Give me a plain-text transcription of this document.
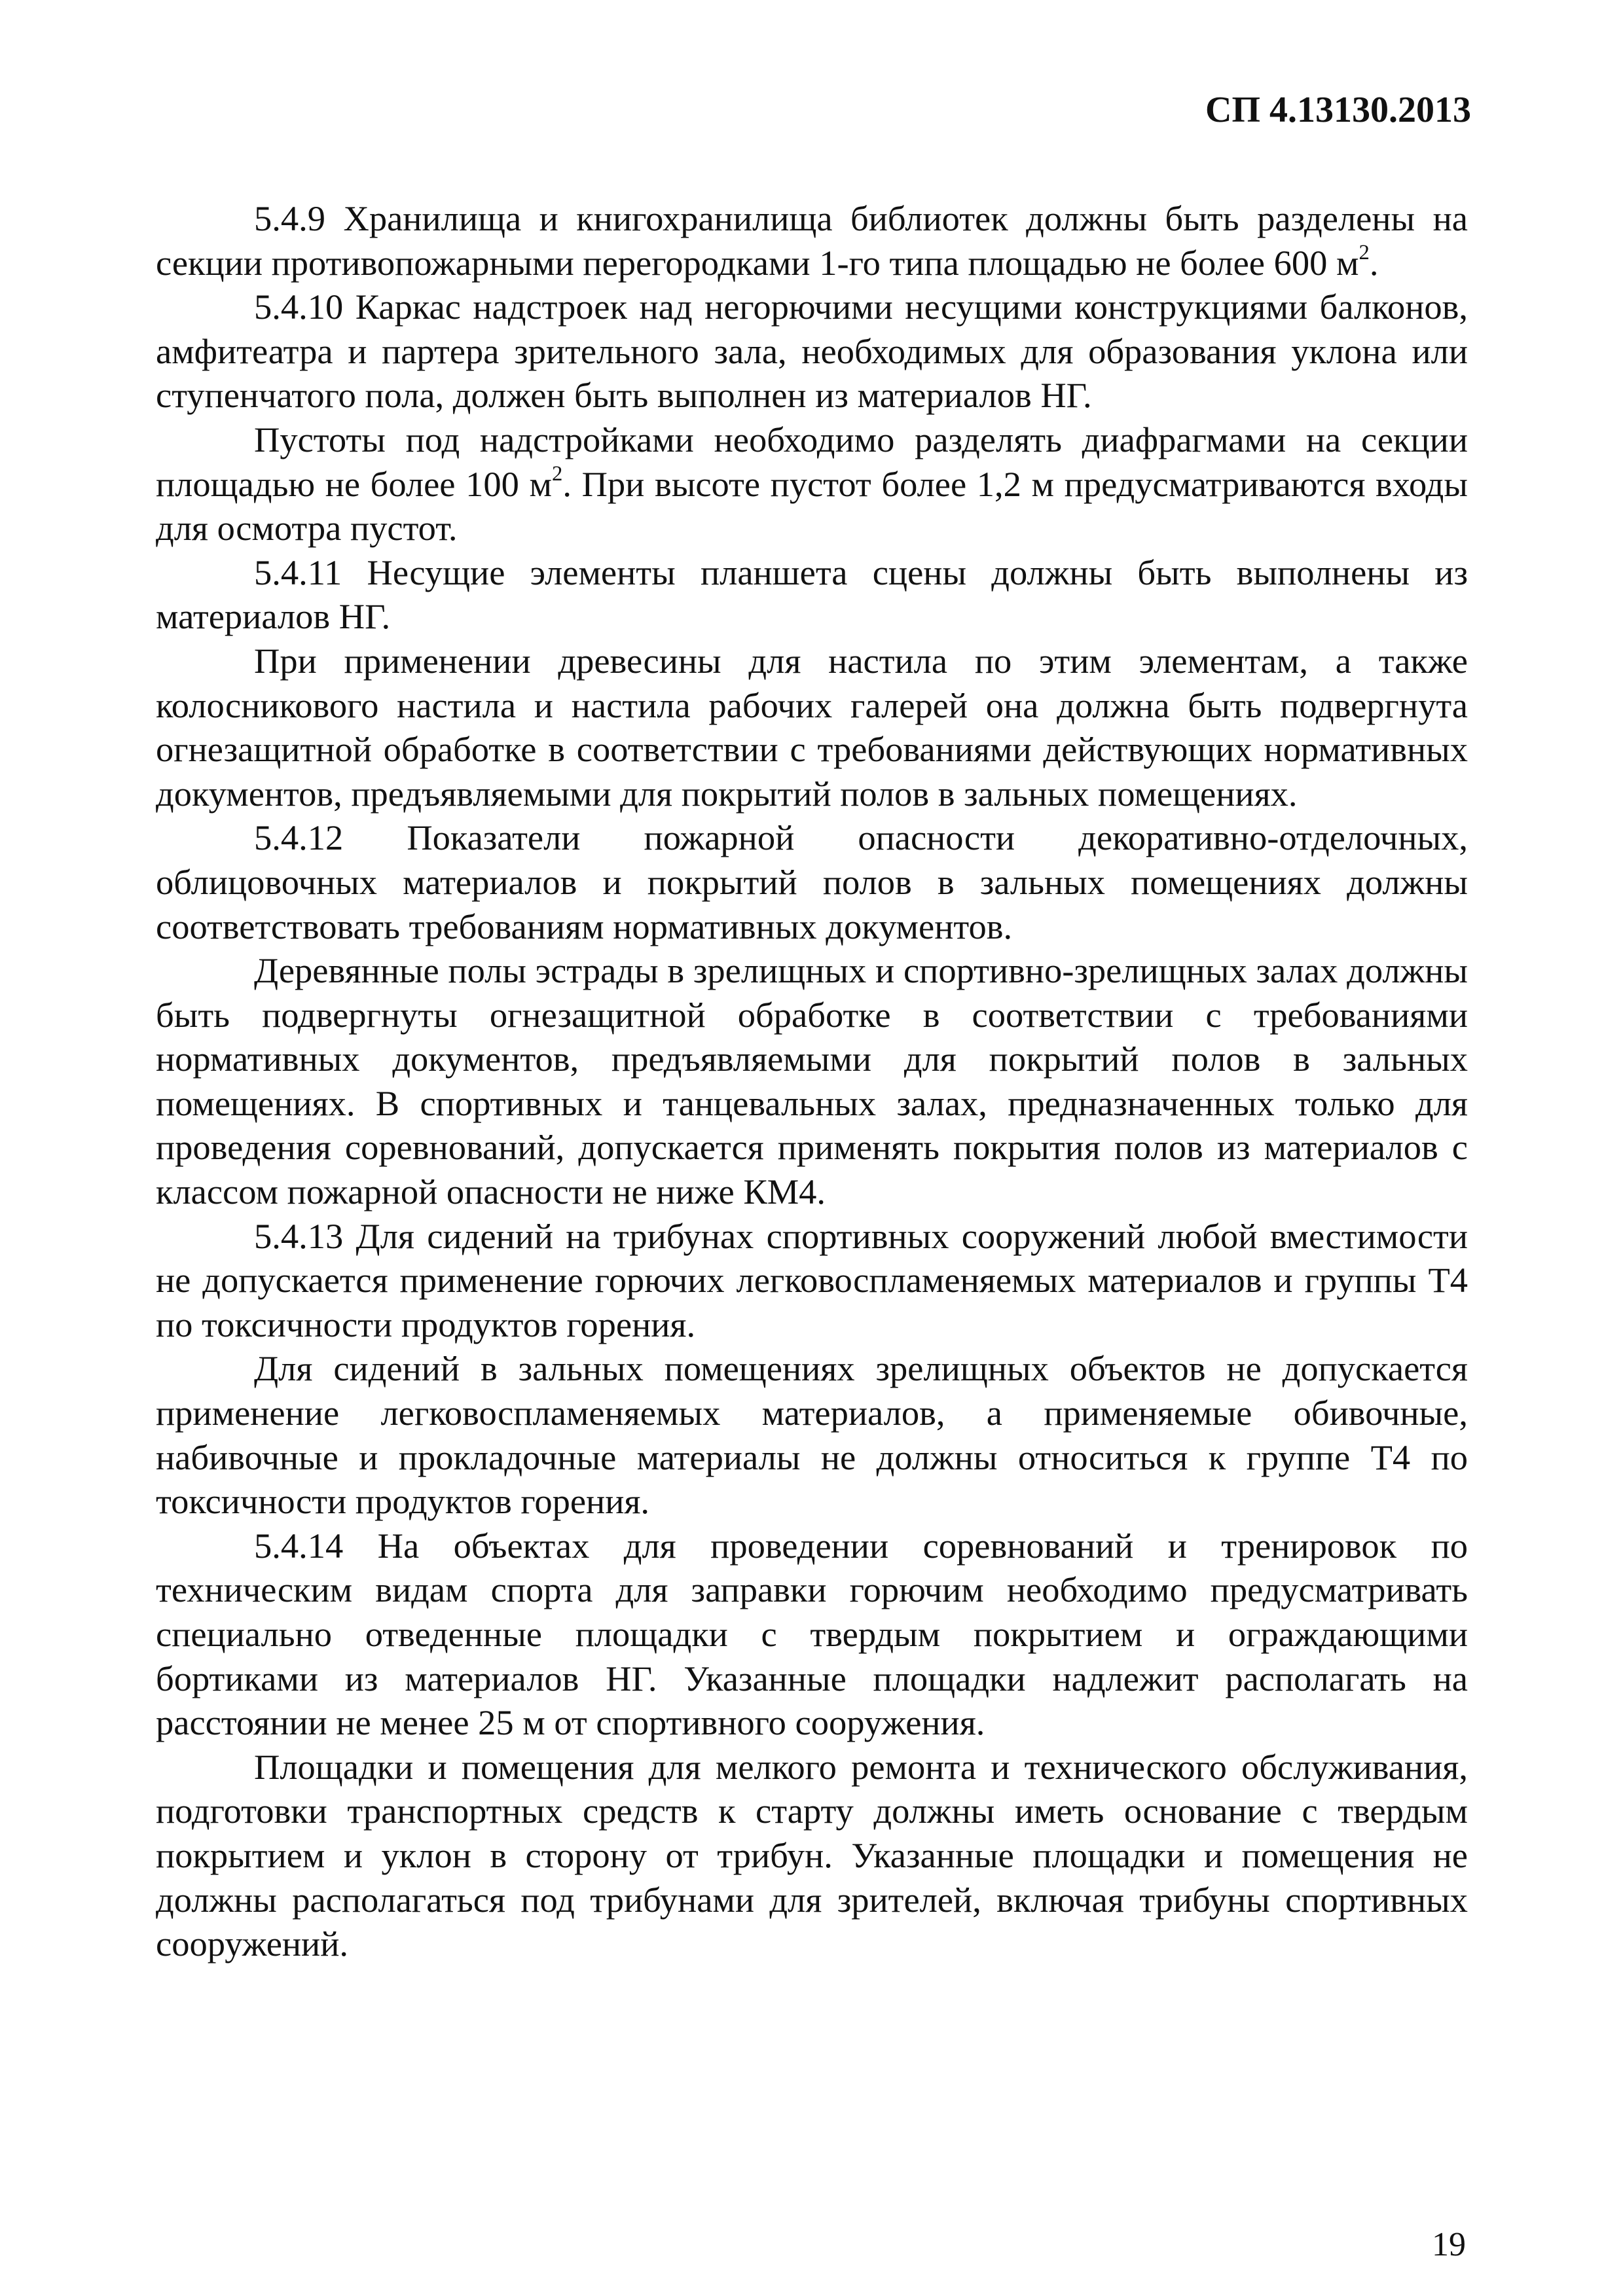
СП 4.13130.2013

5.4.9 Хранилища и книгохранилища библиотек должны быть разделены на секции противопожарными перегородками 1-го типа площадью не более 600 $м^2$.

5.4.10 Каркас надстроек над негорючими несущими конструкциями балконов, амфитеатра и партера зрительного зала, необходимых для образования уклона или ступенчатого пола, должен быть выполнен из материалов НГ.

Пустоты под надстройками необходимо разделять диафрагмами на секции площадью не более 100 $м^2$. При высоте пустот более 1,2 м предусматриваются входы для осмотра пустот.

5.4.11 Несущие элементы планшета сцены должны быть выполнены из материалов НГ.

При применении древесины для настила по этим элементам, а также колосникового настила и настила рабочих галерей она должна быть подвергнута огнезащитной обработке в соответствии с требованиями действующих нормативных документов, предъявляемыми для покрытий полов в зальных помещениях.

5.4.12 Показатели пожарной опасности декоративно-отделочных, облицовочных материалов и покрытий полов в зальных помещениях должны соответствовать требованиям нормативных документов.

Деревянные полы эстрады в зрелищных и спортивно-зрелищных залах должны быть подвергнуты огнезащитной обработке в соответствии с требованиями нормативных документов, предъявляемыми для покрытий полов в зальных помещениях. В спортивных и танцевальных залах, предназначенных только для проведения соревнований, допускается применять покрытия полов из материалов с классом пожарной опасности не ниже КМ4.

5.4.13 Для сидений на трибунах спортивных сооружений любой вместимости не допускается применение горючих легковоспламеняемых материалов и группы Т4 по токсичности продуктов горения.

Для сидений в зальных помещениях зрелищных объектов не допускается применение легковоспламеняемых материалов, а применяемые обивочные, набивочные и прокладочные материалы не должны относиться к группе Т4 по токсичности продуктов горения.

5.4.14 На объектах для проведении соревнований и тренировок по техническим видам спорта для заправки горючим необходимо предусматривать специально отведенные площадки с твердым покрытием и ограждающими бортиками из материалов НГ. Указанные площадки надлежит располагать на расстоянии не менее 25 м от спортивного сооружения.

Площадки и помещения для мелкого ремонта и технического обслуживания, подготовки транспортных средств к старту должны иметь основание с твердым покрытием и уклон в сторону от трибун. Указанные площадки и помещения не должны располагаться под трибунами для зрителей, включая трибуны спортивных сооружений.

19
